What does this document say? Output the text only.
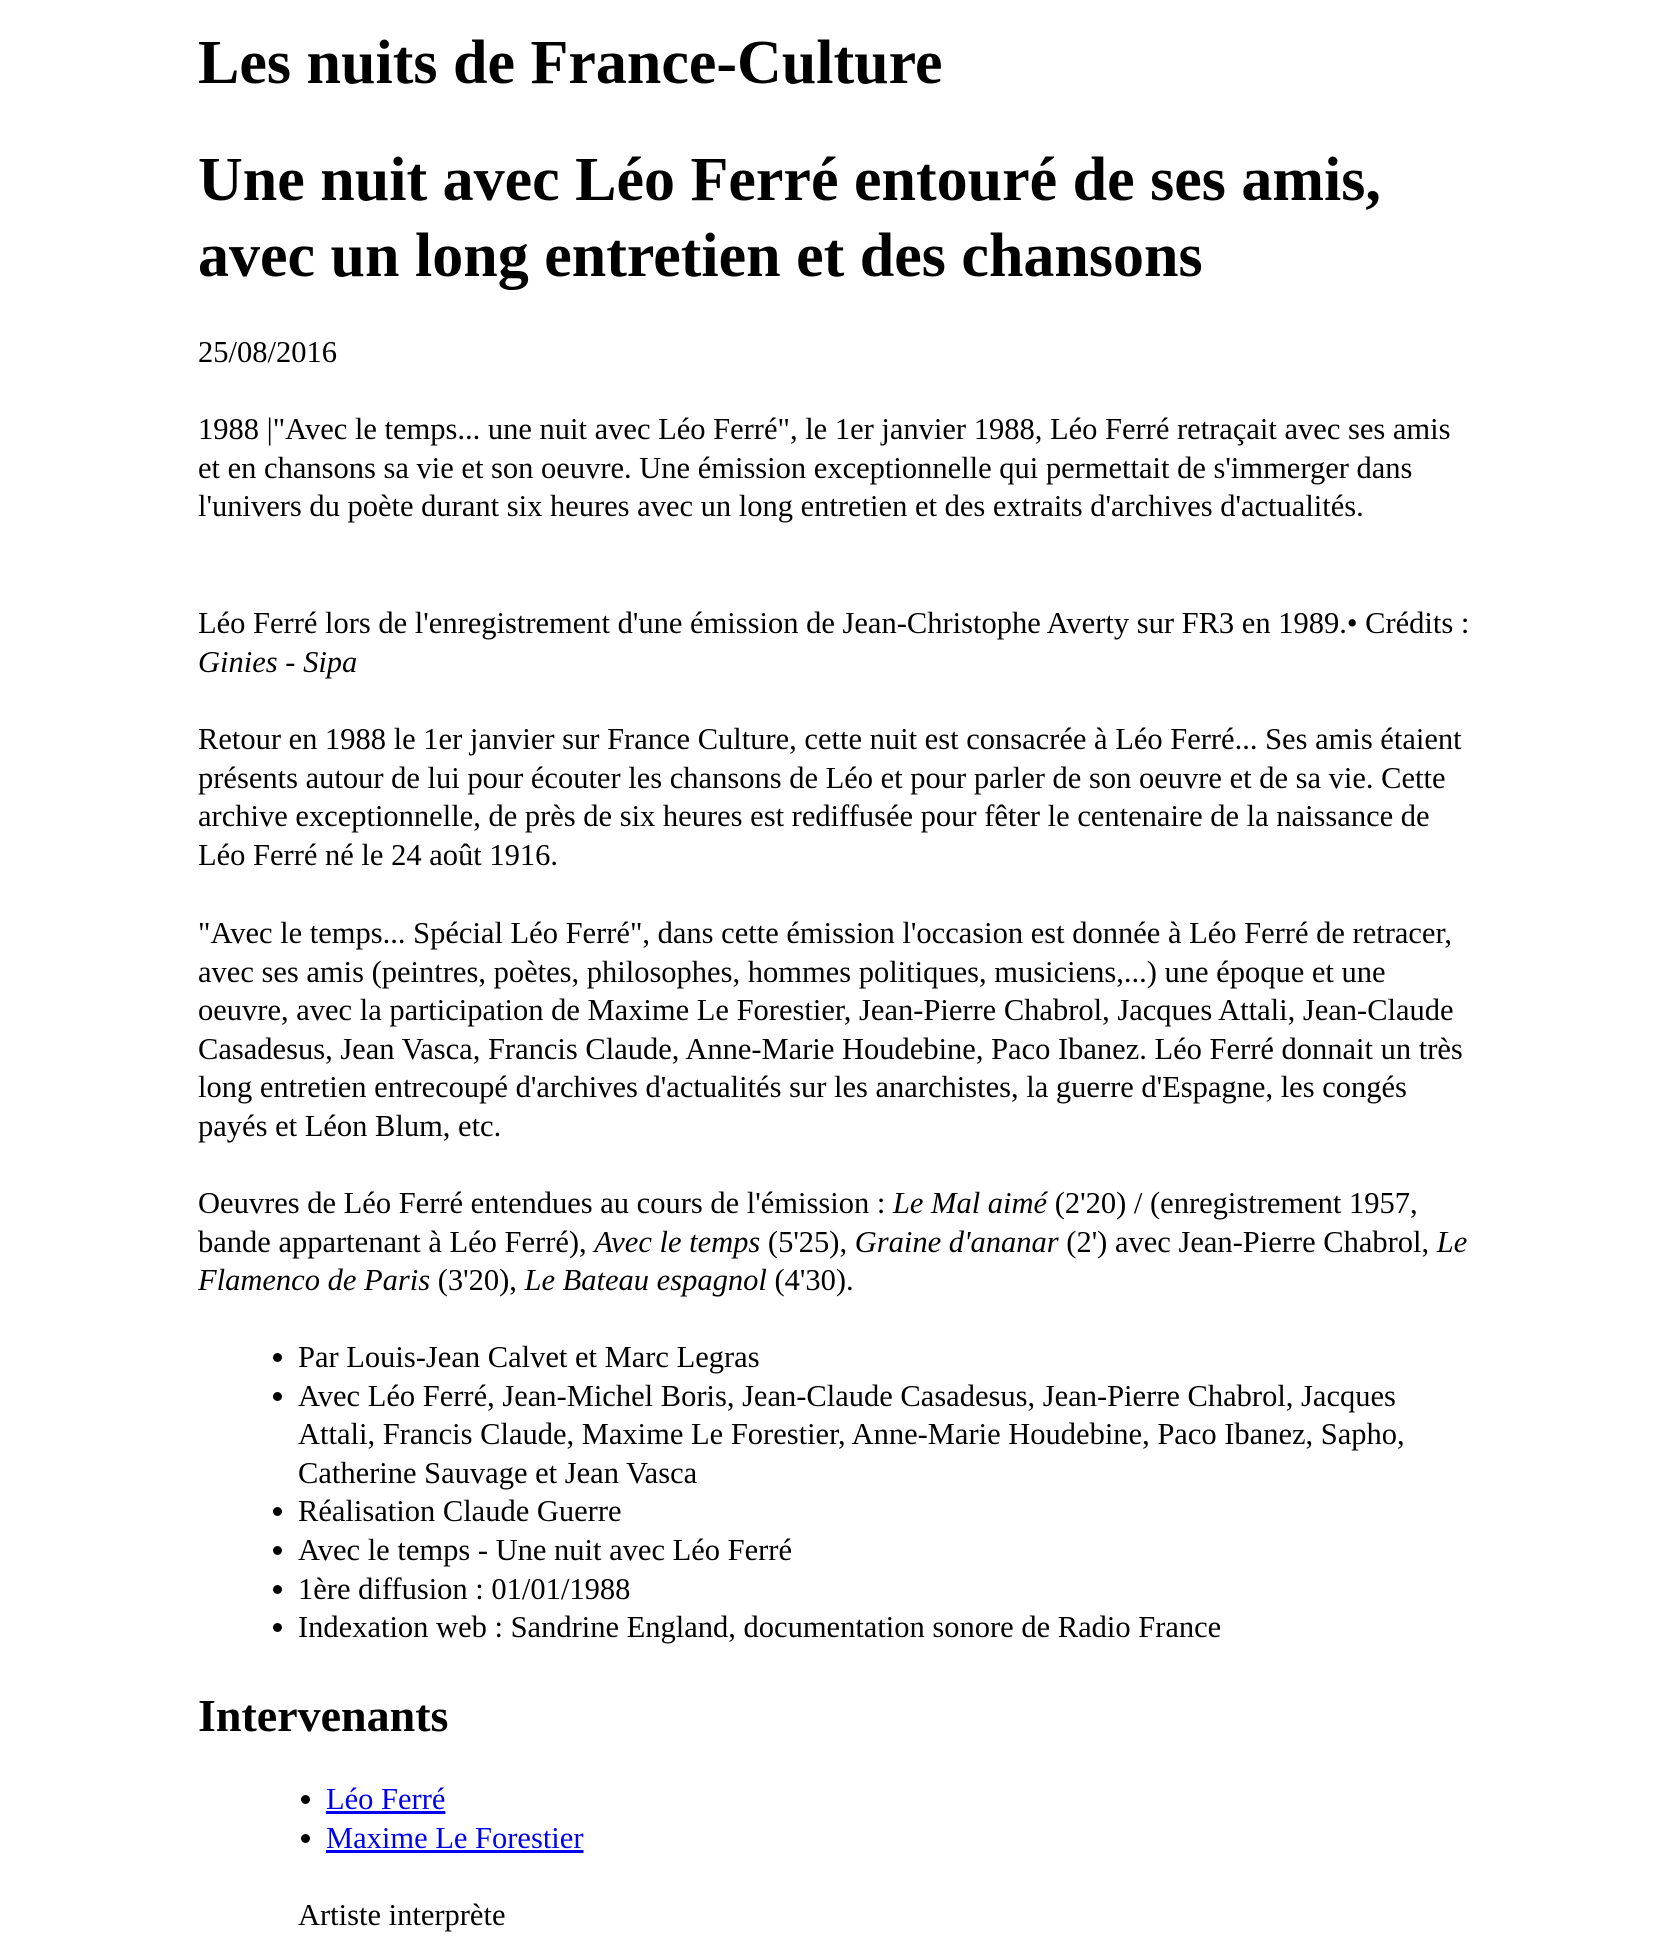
Les nuits de France-Culture
Une nuit avec Léo Ferré entouré de ses amis, avec un long entretien et des chansons

25/08/2016

1988 |"Avec le temps... une nuit avec Léo Ferré", le 1er janvier 1988, Léo Ferré retraçait avec ses amis et en chansons sa vie et son oeuvre. Une émission exceptionnelle qui permettait de s'immerger dans l'univers du poète durant six heures avec un long entretien et des extraits d'archives d'actualités.

Léo Ferré lors de l'enregistrement d'une émission de Jean-Christophe Averty sur FR3 en 1989.• Crédits : Ginies - Sipa

Retour en 1988 le 1er janvier sur France Culture, cette nuit est consacrée à Léo Ferré... Ses amis étaient présents autour de lui pour écouter les chansons de Léo et pour parler de son oeuvre et de sa vie. Cette archive exceptionnelle, de près de six heures est rediffusée pour fêter le centenaire de la naissance de Léo Ferré né le 24 août 1916.

"Avec le temps... Spécial Léo Ferré", dans cette émission l'occasion est donnée à Léo Ferré de retracer, avec ses amis (peintres, poètes, philosophes, hommes politiques, musiciens,...) une époque et une oeuvre, avec la participation de Maxime Le Forestier, Jean-Pierre Chabrol, Jacques Attali, Jean-Claude Casadesus, Jean Vasca, Francis Claude, Anne-Marie Houdebine, Paco Ibanez. Léo Ferré donnait un très long entretien entrecoupé d'archives d'actualités sur les anarchistes, la guerre d'Espagne, les congés payés et Léon Blum, etc.

Oeuvres de Léo Ferré entendues au cours de l'émission : Le Mal aimé (2'20) / (enregistrement 1957, bande appartenant à Léo Ferré), Avec le temps (5'25), Graine d'ananar (2') avec Jean-Pierre Chabrol, Le Flamenco de Paris (3'20), Le Bateau espagnol (4'30).

• Par Louis-Jean Calvet et Marc Legras
• Avec Léo Ferré, Jean-Michel Boris, Jean-Claude Casadesus, Jean-Pierre Chabrol, Jacques Attali, Francis Claude, Maxime Le Forestier, Anne-Marie Houdebine, Paco Ibanez, Sapho, Catherine Sauvage et Jean Vasca
• Réalisation Claude Guerre
• Avec le temps - Une nuit avec Léo Ferré
• 1ère diffusion : 01/01/1988
• Indexation web : Sandrine England, documentation sonore de Radio France
Intervenants
• Léo Ferré
• Maxime Le Forestier

Artiste interprète
